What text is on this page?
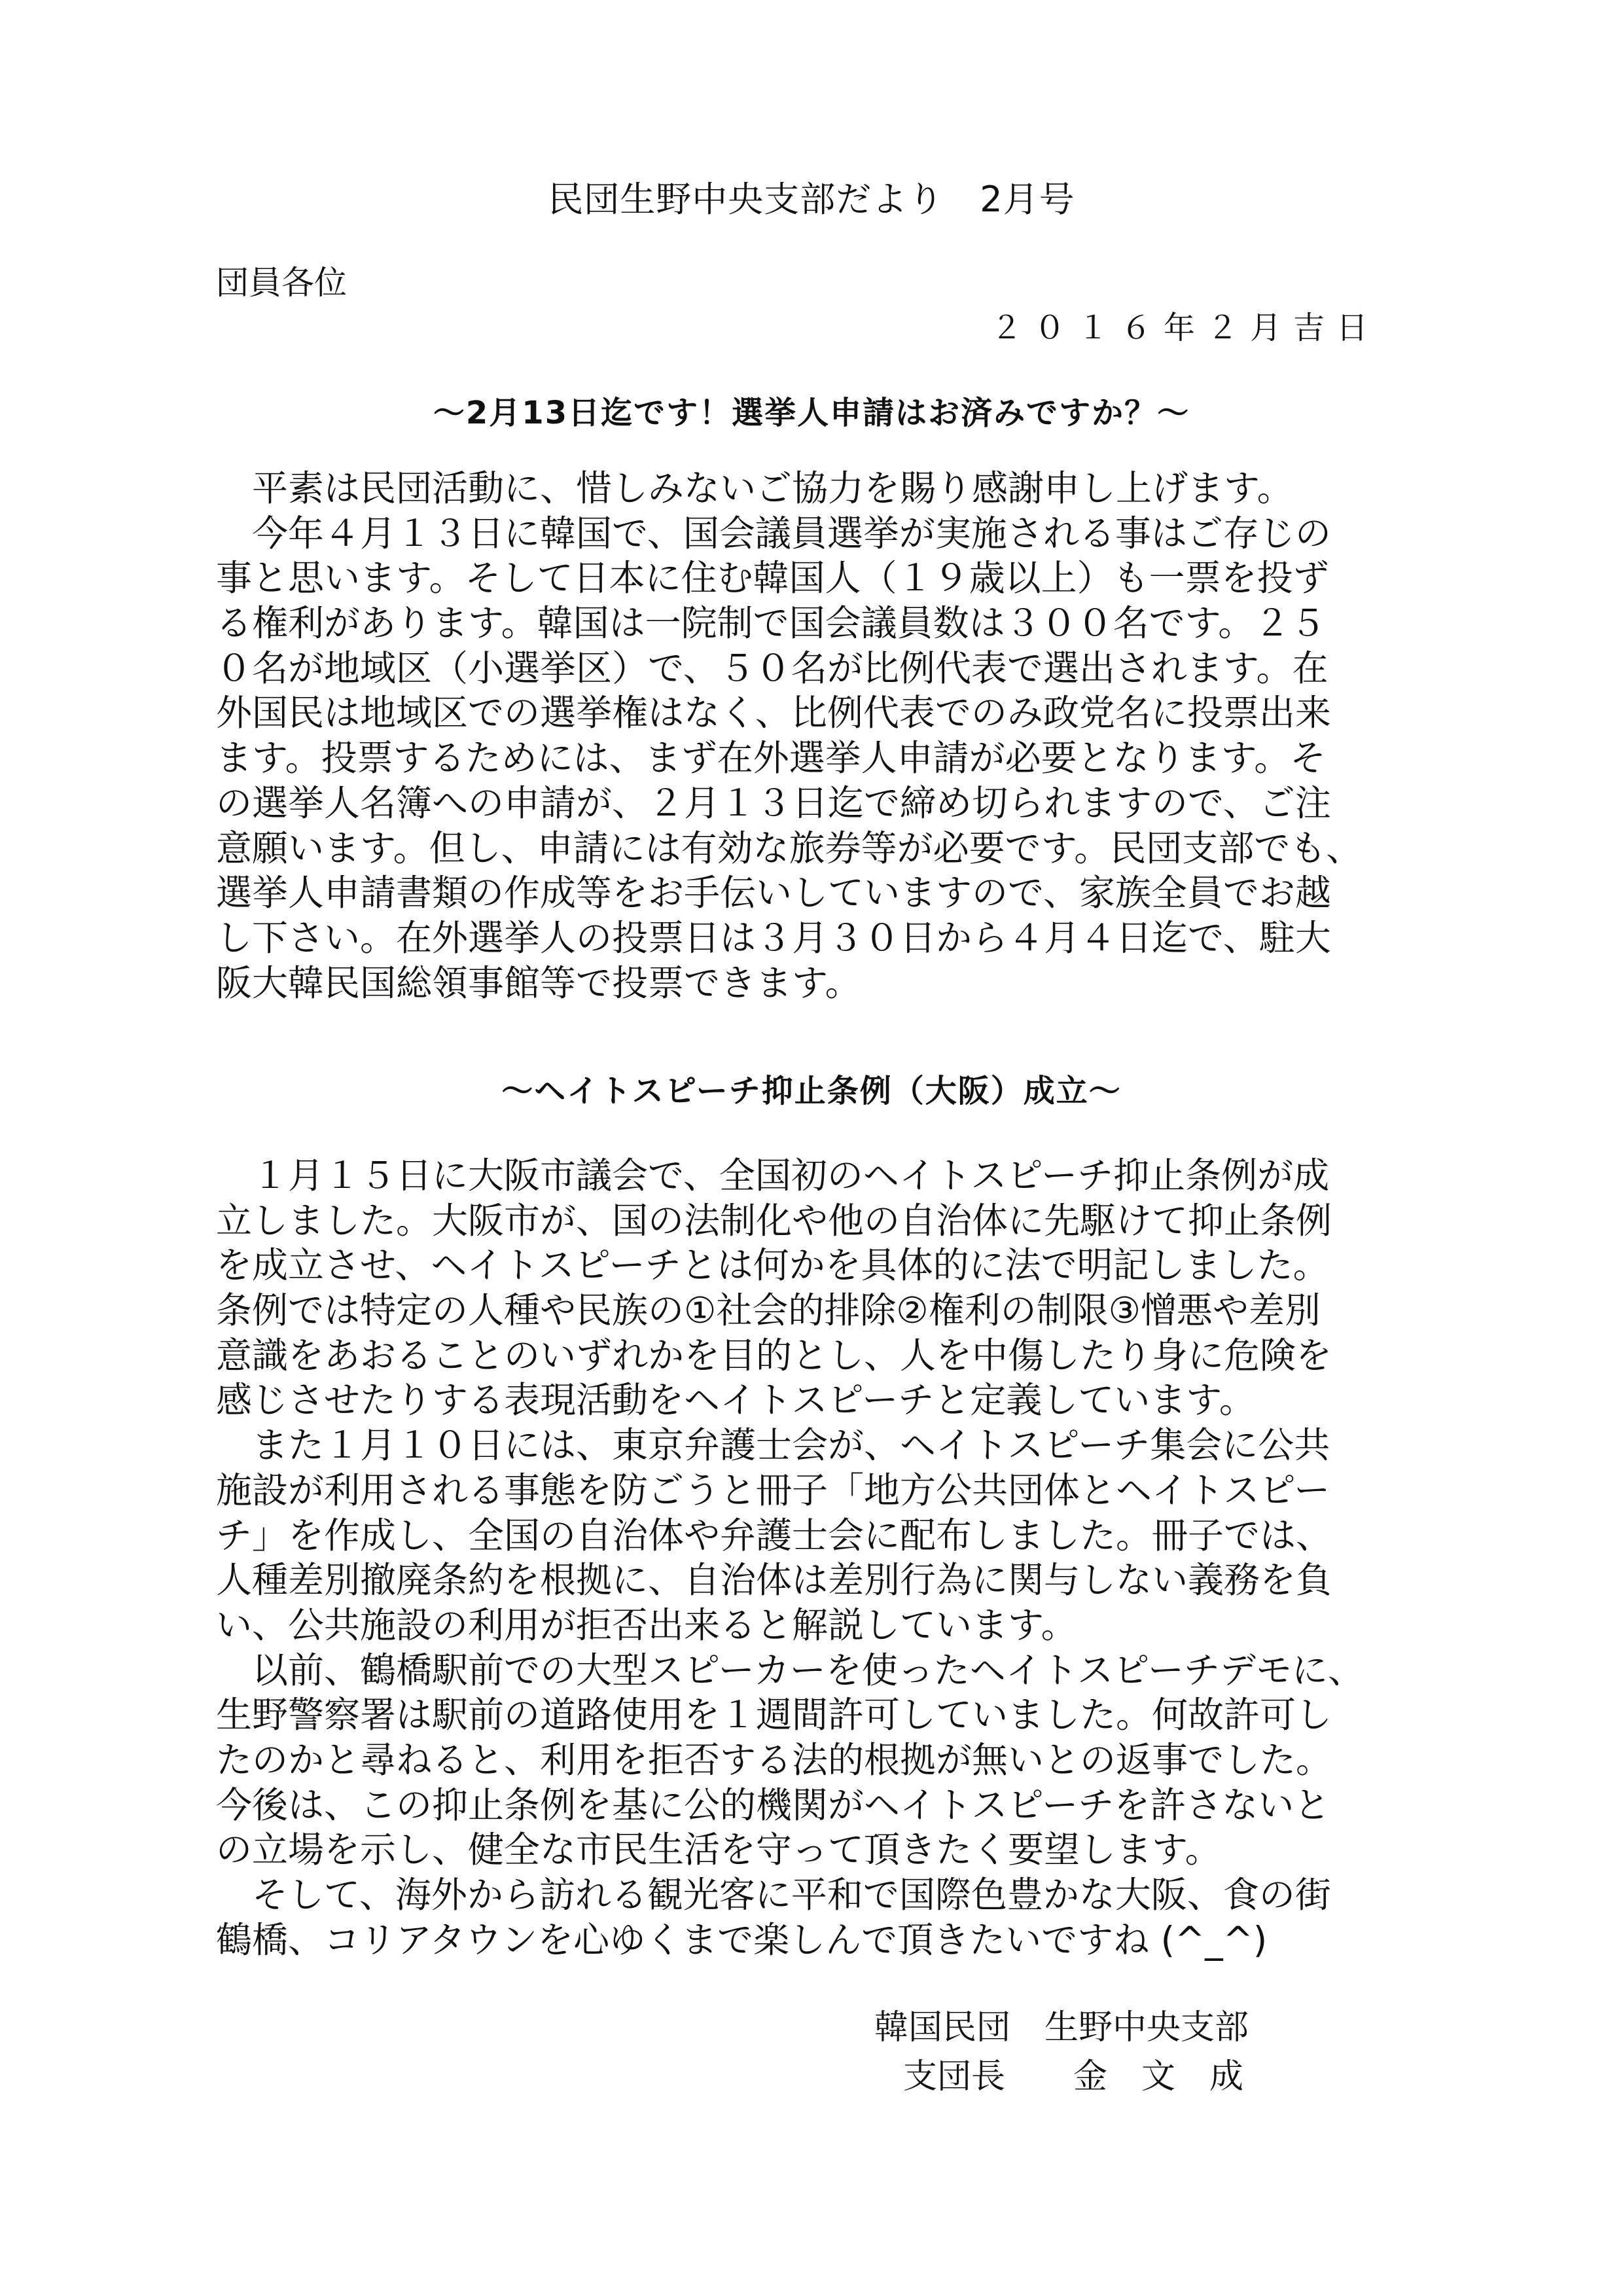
民団生野中央支部だより　2月号
団員各位
２０１６年２月吉日
～2月13日迄です！選挙人申請はお済みですか？～
　平素は民団活動に、惜しみないご協力を賜り感謝申し上げます。
　今年４月１３日に韓国で、国会議員選挙が実施される事はご存じの
事と思います。そして日本に住む韓国人（１９歳以上）も一票を投ず
る権利があります。韓国は一院制で国会議員数は３００名です。２５
０名が地域区（小選挙区）で、５０名が比例代表で選出されます。在
外国民は地域区での選挙権はなく、比例代表でのみ政党名に投票出来
ます。投票するためには、まず在外選挙人申請が必要となります。そ
の選挙人名簿への申請が、２月１３日迄で締め切られますので、ご注
意願います。但し、申請には有効な旅券等が必要です。民団支部でも、
選挙人申請書類の作成等をお手伝いしていますので、家族全員でお越
し下さい。在外選挙人の投票日は３月３０日から４月４日迄で、駐大
阪大韓民国総領事館等で投票できます。
～ヘイトスピーチ抑止条例（大阪）成立～
　１月１５日に大阪市議会で、全国初のヘイトスピーチ抑止条例が成
立しました。大阪市が、国の法制化や他の自治体に先駆けて抑止条例
を成立させ、ヘイトスピーチとは何かを具体的に法で明記しました。
条例では特定の人種や民族の①社会的排除②権利の制限③憎悪や差別
意識をあおることのいずれかを目的とし、人を中傷したり身に危険を
感じさせたりする表現活動をヘイトスピーチと定義しています。
　また１月１０日には、東京弁護士会が、ヘイトスピーチ集会に公共
施設が利用される事態を防ごうと冊子「地方公共団体とヘイトスピー
チ」を作成し、全国の自治体や弁護士会に配布しました。冊子では、
人種差別撤廃条約を根拠に、自治体は差別行為に関与しない義務を負
い、公共施設の利用が拒否出来ると解説しています。
　以前、鶴橋駅前での大型スピーカーを使ったヘイトスピーチデモに、
生野警察署は駅前の道路使用を１週間許可していました。何故許可し
たのかと尋ねると、利用を拒否する法的根拠が無いとの返事でした。
今後は、この抑止条例を基に公的機関がヘイトスピーチを許さないと
の立場を示し、健全な市民生活を守って頂きたく要望します。
　そして、海外から訪れる観光客に平和で国際色豊かな大阪、食の街
鶴橋、コリアタウンを心ゆくまで楽しんで頂きたいですね (^_^)
韓国民団　生野中央支部
支団長　　金　文　成
